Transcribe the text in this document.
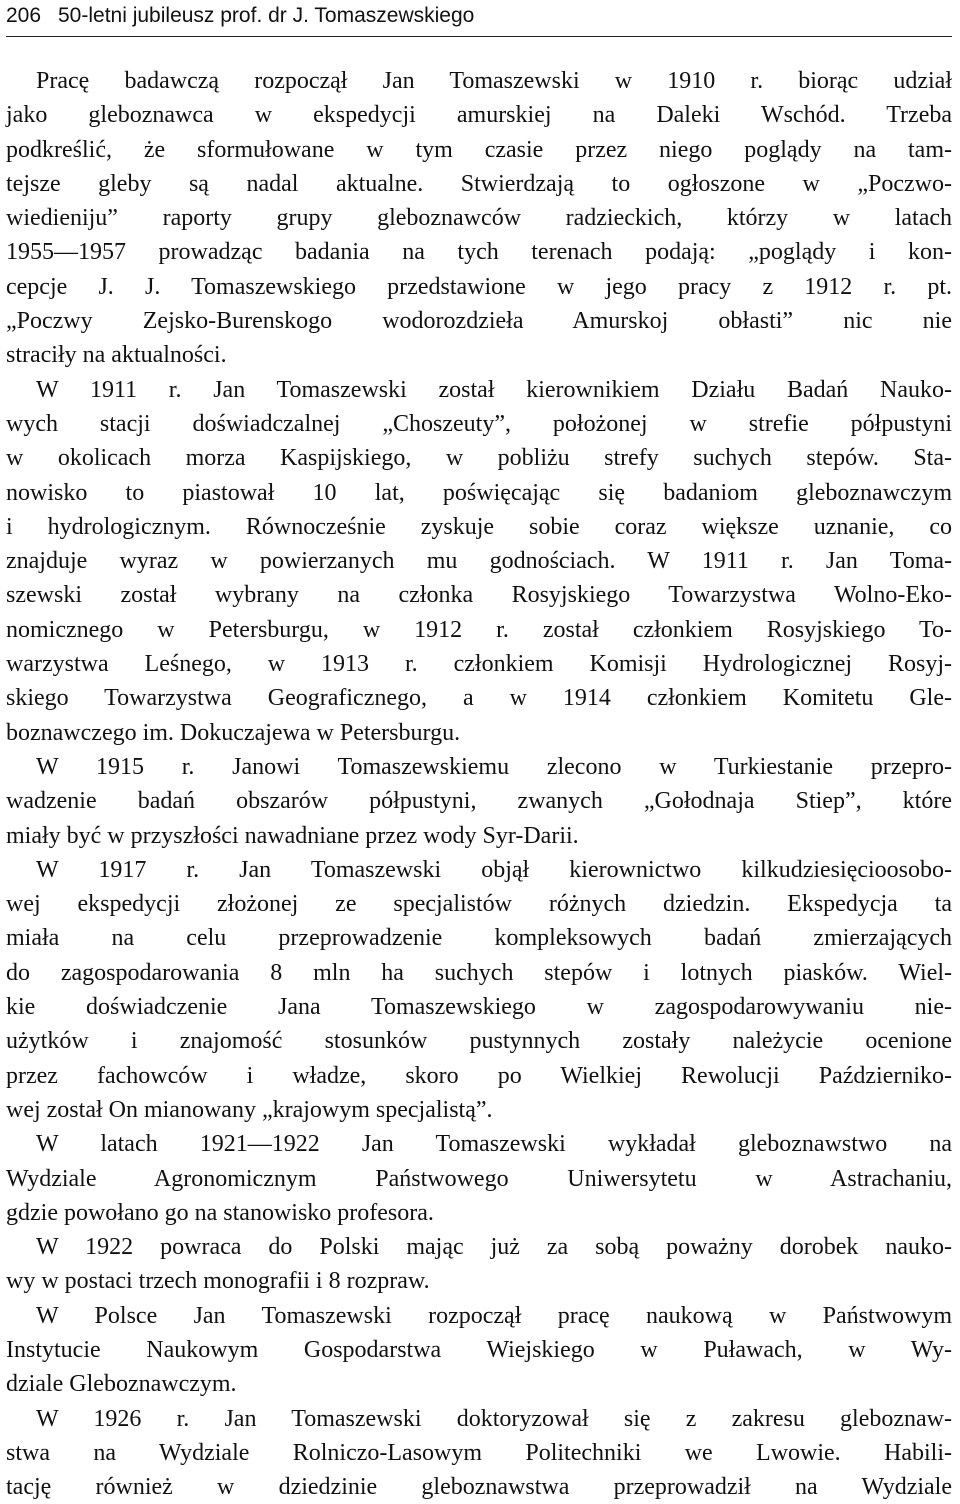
206 50-letni jubileusz prof. dr J. Tomaszewskiego
Pracę badawczą rozpoczął Jan Tomaszewski w 1910 r. biorąc udział
jako gleboznawca w ekspedycji amurskiej na Daleki Wschód. Trzeba
podkreślić, że sformułowane w tym czasie przez niego poglądy na tam-
tejsze gleby są nadal aktualne. Stwierdzają to ogłoszone w „Poczwo-
wiedieniju” raporty grupy gleboznawców radzieckich, którzy w latach
1955—1957 prowadząc badania na tych terenach podają: „poglądy i kon-
cepcje J. J. Tomaszewskiego przedstawione w jego pracy z 1912 r. pt.
„Poczwy Zejsko-Burenskogo wodorozdzieła Amurskoj obłasti” nic nie
straciły na aktualności.
W 1911 r. Jan Tomaszewski został kierownikiem Działu Badań Nauko-
wych stacji doświadczalnej „Choszeuty”, położonej w strefie półpustyni
w okolicach morza Kaspijskiego, w pobliżu strefy suchych stepów. Sta-
nowisko to piastował 10 lat, poświęcając się badaniom gleboznawczym
i hydrologicznym. Równocześnie zyskuje sobie coraz większe uznanie, co
znajduje wyraz w powierzanych mu godnościach. W 1911 r. Jan Toma-
szewski został wybrany na członka Rosyjskiego Towarzystwa Wolno-Eko-
nomicznego w Petersburgu, w 1912 r. został członkiem Rosyjskiego To-
warzystwa Leśnego, w 1913 r. członkiem Komisji Hydrologicznej Rosyj-
skiego Towarzystwa Geograficznego, a w 1914 członkiem Komitetu Gle-
boznawczego im. Dokuczajewa w Petersburgu.
W 1915 r. Janowi Tomaszewskiemu zlecono w Turkiestanie przepro-
wadzenie badań obszarów półpustyni, zwanych „Gołodnaja Stiep”, które
miały być w przyszłości nawadniane przez wody Syr-Darii.
W 1917 r. Jan Tomaszewski objął kierownictwo kilkudziesięcioosobo-
wej ekspedycji złożonej ze specjalistów różnych dziedzin. Ekspedycja ta
miała na celu przeprowadzenie kompleksowych badań zmierzających
do zagospodarowania 8 mln ha suchych stepów i lotnych piasków. Wiel-
kie doświadczenie Jana Tomaszewskiego w zagospodarowywaniu nie-
użytków i znajomość stosunków pustynnych zostały należycie ocenione
przez fachowców i władze, skoro po Wielkiej Rewolucji Październiko-
wej został On mianowany „krajowym specjalistą”.
W latach 1921—1922 Jan Tomaszewski wykładał gleboznawstwo na
Wydziale Agronomicznym Państwowego Uniwersytetu w Astrachaniu,
gdzie powołano go na stanowisko profesora.
W 1922 powraca do Polski mając już za sobą poważny dorobek nauko-
wy w postaci trzech monografii i 8 rozpraw.
W Polsce Jan Tomaszewski rozpoczął pracę naukową w Państwowym
Instytucie Naukowym Gospodarstwa Wiejskiego w Puławach, w Wy-
dziale Gleboznawczym.
W 1926 r. Jan Tomaszewski doktoryzował się z zakresu gleboznaw-
stwa na Wydziale Rolniczo-Lasowym Politechniki we Lwowie. Habili-
tację również w dziedzinie gleboznawstwa przeprowadził na Wydziale
